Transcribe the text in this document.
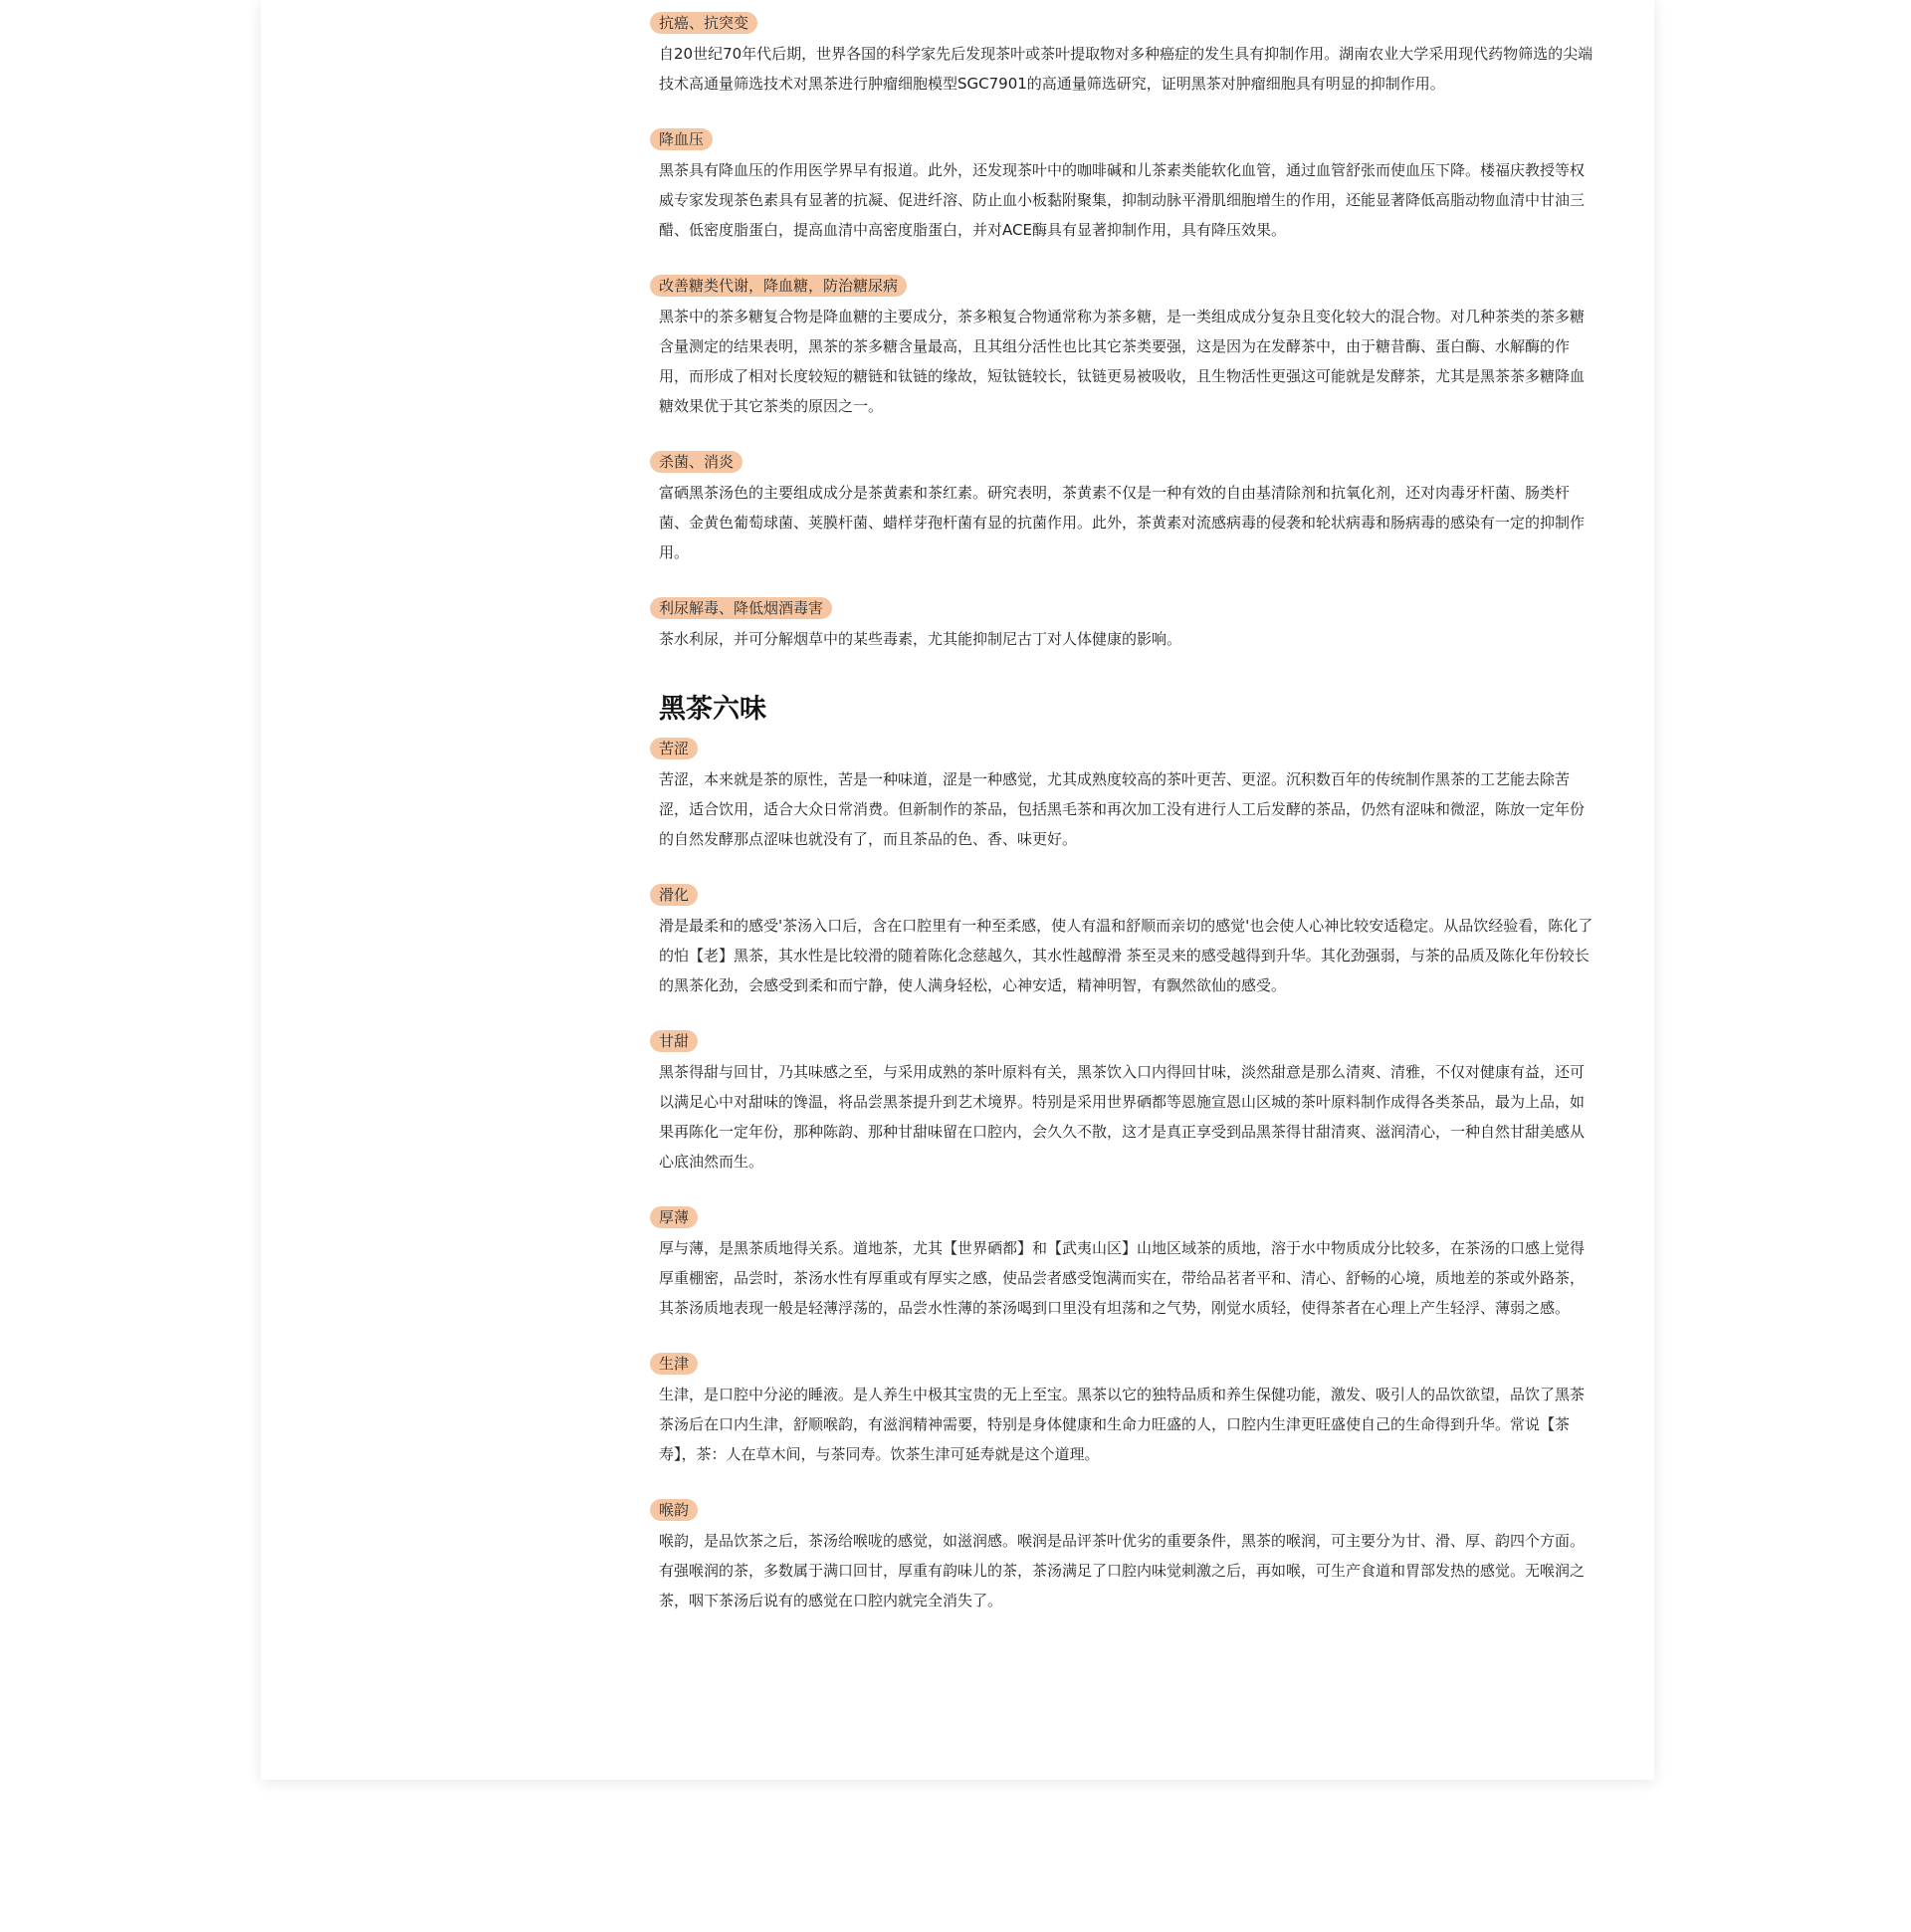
抗癌、抗突变

自20世纪70年代后期，世界各国的科学家先后发现茶叶或茶叶提取物对多种癌症的发生具有抑制作用。湖南农业大学采用现代药物筛选的尖端技术高通量筛选技术对黑茶进行肿瘤细胞模型SGC7901的高通量筛选研究，证明黑茶对肿瘤细胞具有明显的抑制作用。

降血压

黑茶具有降血压的作用医学界早有报道。此外，还发现茶叶中的咖啡碱和儿茶素类能软化血管，通过血管舒张而使血压下降。楼福庆教授等权威专家发现茶色素具有显著的抗凝、促进纤溶、防止血小板黏附聚集，抑制动脉平滑肌细胞增生的作用，还能显著降低高脂动物血清中甘油三醋、低密度脂蛋白，提高血清中高密度脂蛋白，并对ACE酶具有显著抑制作用，具有降压效果。

改善糖类代谢，降血糖，防治糖尿病

黑茶中的茶多糖复合物是降血糖的主要成分，茶多粮复合物通常称为茶多糖，是一类组成成分复杂且变化较大的混合物。对几种茶类的茶多糖含量测定的结果表明，黑茶的茶多糖含量最高，且其组分活性也比其它茶类要强，这是因为在发酵茶中，由于糖昔酶、蛋白酶、水解酶的作用，而形成了相对长度较短的糖链和钛链的缘故，短钛链较长，钛链更易被吸收，且生物活性更强这可能就是发酵茶，尤其是黑茶茶多糖降血糖效果优于其它茶类的原因之一。

杀菌、消炎

富硒黑茶汤色的主要组成成分是茶黄素和茶红素。研究表明，茶黄素不仅是一种有效的自由基清除剂和抗氧化剂，还对肉毒牙杆菌、肠类杆菌、金黄色葡萄球菌、荚膜杆菌、蜡样芽孢杆菌有显的抗菌作用。此外，茶黄素对流感病毒的侵袭和轮状病毒和肠病毒的感染有一定的抑制作用。

利尿解毒、降低烟酒毒害

茶水利尿，并可分解烟草中的某些毒素，尤其能抑制尼古丁对人体健康的影响。

黑茶六味
苦涩

苦涩，本来就是茶的原性，苦是一种味道，涩是一种感觉，尤其成熟度较高的茶叶更苦、更涩。沉积数百年的传统制作黑茶的工艺能去除苦涩，适合饮用，适合大众日常消费。但新制作的茶品，包括黑毛茶和再次加工没有进行人工后发酵的茶品，仍然有涩味和微涩，陈放一定年份的自然发酵那点涩味也就没有了，而且茶品的色、香、味更好。

滑化

滑是最柔和的感受'茶汤入口后，含在口腔里有一种至柔感，使人有温和舒顺而亲切的感觉'也会使人心神比较安适稳定。从品饮经验看，陈化了的怕【老】黑茶，其水性是比较滑的随着陈化念慈越久，其水性越醇滑 茶至灵来的感受越得到升华。其化劲强弱，与茶的品质及陈化年份较长的黑茶化劲，会感受到柔和而宁静，使人满身轻松，心神安适，精神明智，有飘然欲仙的感受。

甘甜

黑茶得甜与回甘，乃其味感之至，与采用成熟的茶叶原料有关，黑茶饮入口内得回甘味，淡然甜意是那么清爽、清雅，不仅对健康有益，还可以满足心中对甜味的馋温，将品尝黑茶提升到艺术境界。特别是采用世界硒都等恩施宣恩山区城的茶叶原料制作成得各类茶品，最为上品，如果再陈化一定年份，那种陈韵、那种甘甜味留在口腔内，会久久不散，这才是真正享受到品黑茶得甘甜清爽、滋润清心，一种自然甘甜美感从心底油然而生。

厚薄

厚与薄，是黑茶质地得关系。道地茶，尤其【世界硒都】和【武夷山区】山地区域茶的质地，溶于水中物质成分比较多，在茶汤的口感上觉得厚重棚密，品尝时，茶汤水性有厚重或有厚实之感，使品尝者感受饱满而实在，带给品茗者平和、清心、舒畅的心境，质地差的茶或外路茶，其茶汤质地表现一般是轻薄浮荡的，品尝水性薄的茶汤喝到口里没有坦荡和之气势，刚觉水质轻，使得茶者在心理上产生轻浮、薄弱之感。

生津

生津，是口腔中分泌的睡液。是人养生中极其宝贵的无上至宝。黑茶以它的独特品质和养生保健功能，激发、吸引人的品饮欲望，品饮了黑茶茶汤后在口内生津，舒顺喉韵，有滋润精神需要，特别是身体健康和生命力旺盛的人，口腔内生津更旺盛使自己的生命得到升华。常说【茶寿】，茶：人在草木间，与茶同寿。饮茶生津可延寿就是这个道理。

喉韵

喉韵，是品饮茶之后，茶汤给喉咙的感觉，如滋润感。喉润是品评茶叶优劣的重要条件，黑茶的喉润，可主要分为甘、滑、厚、韵四个方面。有强喉润的茶，多数属于满口回甘，厚重有韵味儿的茶，茶汤满足了口腔内味觉刺激之后，再如喉，可生产食道和胃部发热的感觉。无喉润之茶，咽下茶汤后说有的感觉在口腔内就完全消失了。
